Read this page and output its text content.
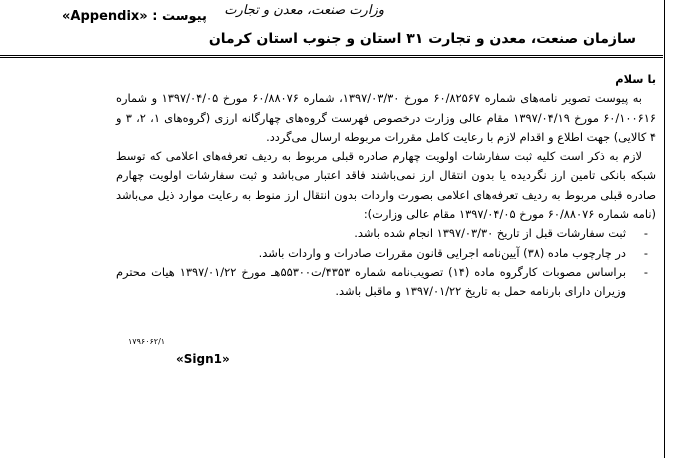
«Appendix» : پیوست وزارت صنعت، معدن و تجارت
سازمان صنعت، معدن و تجارت ۳۱ استان و جنوب استان کرمان
با سلام

به پیوست تصویر نامه‌های شماره ۶۰/۸۲۵۶۷ مورخ ۱۳۹۷/۰۳/۳۰، شماره ۶۰/۸۸۰۷۶ مورخ ۱۳۹۷/۰۴/۰۵ و شماره ۶۰/۱۰۰۶۱۶ مورخ ۱۳۹۷/۰۴/۱۹ مقام عالی وزارت درخصوص فهرست گروه‌های چهارگانه ارزی (گروه‌های ۱، ۲، ۳ و ۴ کالایی) جهت اطلاع و اقدام لازم با رعایت کامل مقررات مربوطه ارسال می‌گردد.

لازم به ذکر است کلیه ثبت سفارشات اولویت چهارم صادره قبلی مربوط به ردیف تعرفه‌های اعلامی که توسط شبکه بانکی تامین ارز نگردیده یا بدون انتقال ارز نمی‌باشند فاقد اعتبار می‌باشد و ثبت سفارشات اولویت چهارم صادره قبلی مربوط به ردیف تعرفه‌های اعلامی بصورت واردات بدون انتقال ارز منوط به رعایت موارد ذیل می‌باشد (نامه شماره ۶۰/۸۸۰۷۶ مورخ ۱۳۹۷/۰۴/۰۵ مقام عالی وزارت):

- ثبت سفارشات قبل از تاریخ ۱۳۹۷/۰۳/۳۰ انجام شده باشد.
- در چارچوب ماده (۳۸) آیین‌نامه اجرایی قانون مقررات صادرات و واردات باشد.
- براساس مصوبات کارگروه ماده (۱۴) تصویب‌نامه شماره ۴۳۵۳/ت۵۵۳۰۰هـ مورخ ۱۳۹۷/۰۱/۲۲ هیات محترم وزیران دارای بارنامه حمل به تاریخ ۱۳۹۷/۰۱/۲۲ و ماقبل باشد.
۱۷۹۶۰۶۲/۱
«Sign1»
